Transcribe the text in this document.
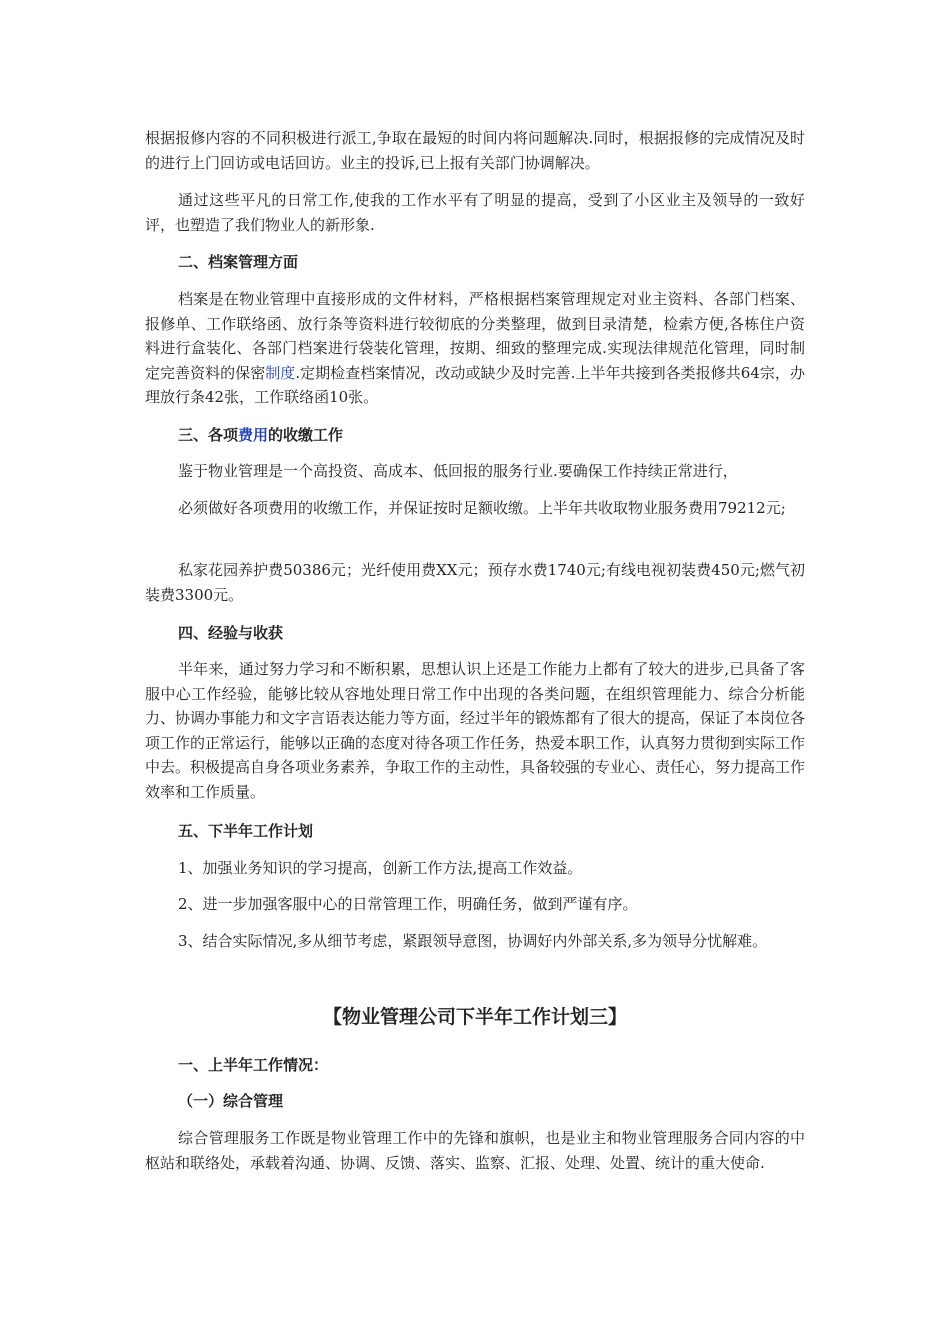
根据报修内容的不同积极进行派工,争取在最短的时间内将问题解决.同时，根据报修的完成情况及时的进行上门回访或电话回访。业主的投诉,已上报有关部门协调解决。

通过这些平凡的日常工作,使我的工作水平有了明显的提高，受到了小区业主及领导的一致好评，也塑造了我们物业人的新形象.

二、档案管理方面

档案是在物业管理中直接形成的文件材料，严格根据档案管理规定对业主资料、各部门档案、报修单、工作联络函、放行条等资料进行较彻底的分类整理，做到目录清楚，检索方便,各栋住户资料进行盒装化、各部门档案进行袋装化管理，按期、细致的整理完成.实现法律规范化管理，同时制定完善资料的保密制度.定期检查档案情况，改动或缺少及时完善.上半年共接到各类报修共64宗，办理放行条42张，工作联络函10张。

三、各项费用的收缴工作

鉴于物业管理是一个高投资、高成本、低回报的服务行业.要确保工作持续正常进行，

必须做好各项费用的收缴工作，并保证按时足额收缴。上半年共收取物业服务费用79212元;

私家花园养护费50386元；光纤使用费XX元；预存水费1740元;有线电视初装费450元;燃气初装费3300元。

四、经验与收获

半年来，通过努力学习和不断积累，思想认识上还是工作能力上都有了较大的进步,已具备了客服中心工作经验，能够比较从容地处理日常工作中出现的各类问题，在组织管理能力、综合分析能力、协调办事能力和文字言语表达能力等方面，经过半年的锻炼都有了很大的提高，保证了本岗位各项工作的正常运行，能够以正确的态度对待各项工作任务，热爱本职工作，认真努力贯彻到实际工作中去。积极提高自身各项业务素养，争取工作的主动性，具备较强的专业心、责任心，努力提高工作效率和工作质量。

五、下半年工作计划

1、加强业务知识的学习提高，创新工作方法,提高工作效益。

2、进一步加强客服中心的日常管理工作，明确任务，做到严谨有序。

3、结合实际情况,多从细节考虑，紧跟领导意图，协调好内外部关系,多为领导分忧解难。

【物业管理公司下半年工作计划三】
一、上半年工作情况：
（一）综合管理

综合管理服务工作既是物业管理工作中的先锋和旗帜，也是业主和物业管理服务合同内容的中枢站和联络处，承载着沟通、协调、反馈、落实、监察、汇报、处理、处置、统计的重大使命.
